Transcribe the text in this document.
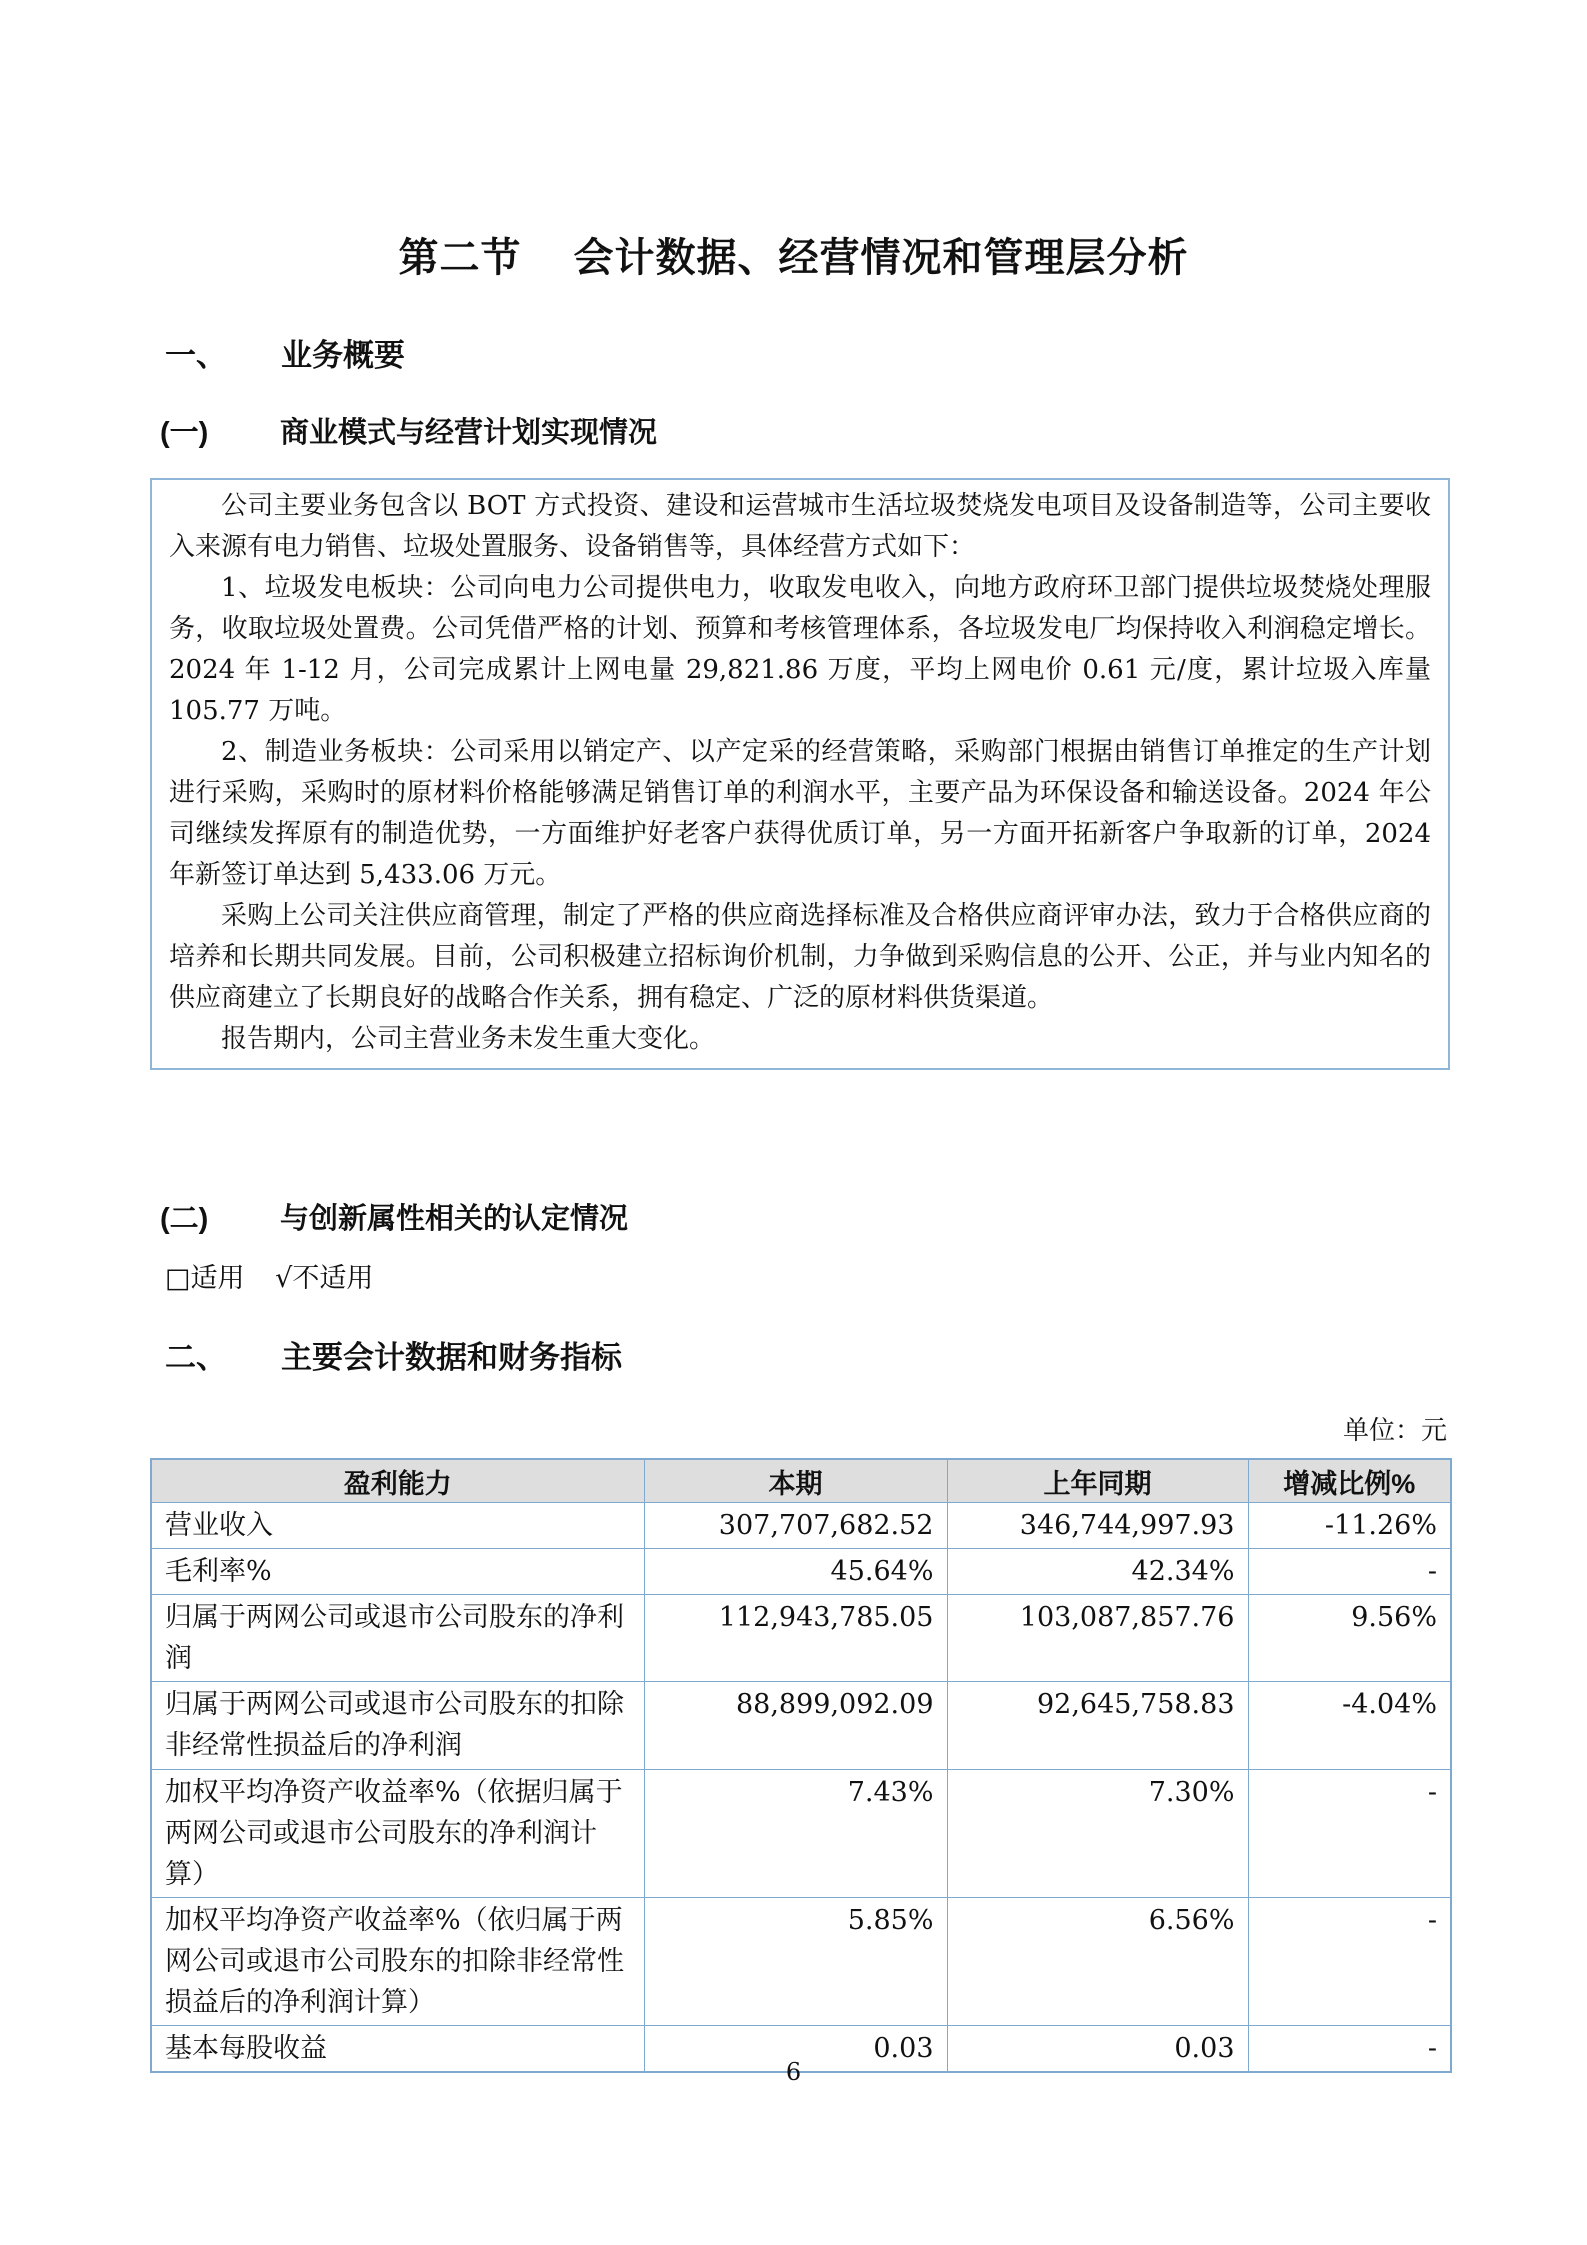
第二节 会计数据、经营情况和管理层分析
一、	业务概要
(一)	商业模式与经营计划实现情况

公司主要业务包含以 BOT 方式投资、建设和运营城市生活垃圾焚烧发电项目及设备制造等，公司主要收入来源有电力销售、垃圾处置服务、设备销售等，具体经营方式如下：

1、垃圾发电板块：公司向电力公司提供电力，收取发电收入，向地方政府环卫部门提供垃圾焚烧处理服务，收取垃圾处置费。公司凭借严格的计划、预算和考核管理体系，各垃圾发电厂均保持收入利润稳定增长。2024 年 1-12 月，公司完成累计上网电量 29,821.86 万度，平均上网电价 0.61 元/度，累计垃圾入库量 105.77 万吨。

2、制造业务板块：公司采用以销定产、以产定采的经营策略，采购部门根据由销售订单推定的生产计划进行采购，采购时的原材料价格能够满足销售订单的利润水平，主要产品为环保设备和输送设备。2024 年公司继续发挥原有的制造优势，一方面维护好老客户获得优质订单，另一方面开拓新客户争取新的订单，2024 年新签订单达到 5,433.06 万元。

采购上公司关注供应商管理，制定了严格的供应商选择标准及合格供应商评审办法，致力于合格供应商的培养和长期共同发展。目前，公司积极建立招标询价机制，力争做到采购信息的公开、公正，并与业内知名的供应商建立了长期良好的战略合作关系，拥有稳定、广泛的原材料供货渠道。

报告期内，公司主营业务未发生重大变化。

(二)	与创新属性相关的认定情况
□适用 √不适用
二、	主要会计数据和财务指标
单位：元
盈利能力	本期	上年同期	增减比例%
营业收入	307,707,682.52	346,744,997.93	-11.26%
毛利率%	45.64%	42.34%	-
归属于两网公司或退市公司股东的净利润	112,943,785.05	103,087,857.76	9.56%
归属于两网公司或退市公司股东的扣除非经常性损益后的净利润	88,899,092.09	92,645,758.83	-4.04%
加权平均净资产收益率%（依据归属于两网公司或退市公司股东的净利润计算）	7.43%	7.30%	-
加权平均净资产收益率%（依归属于两网公司或退市公司股东的扣除非经常性损益后的净利润计算）	5.85%	6.56%	-
基本每股收益	0.03	0.03	-
6
